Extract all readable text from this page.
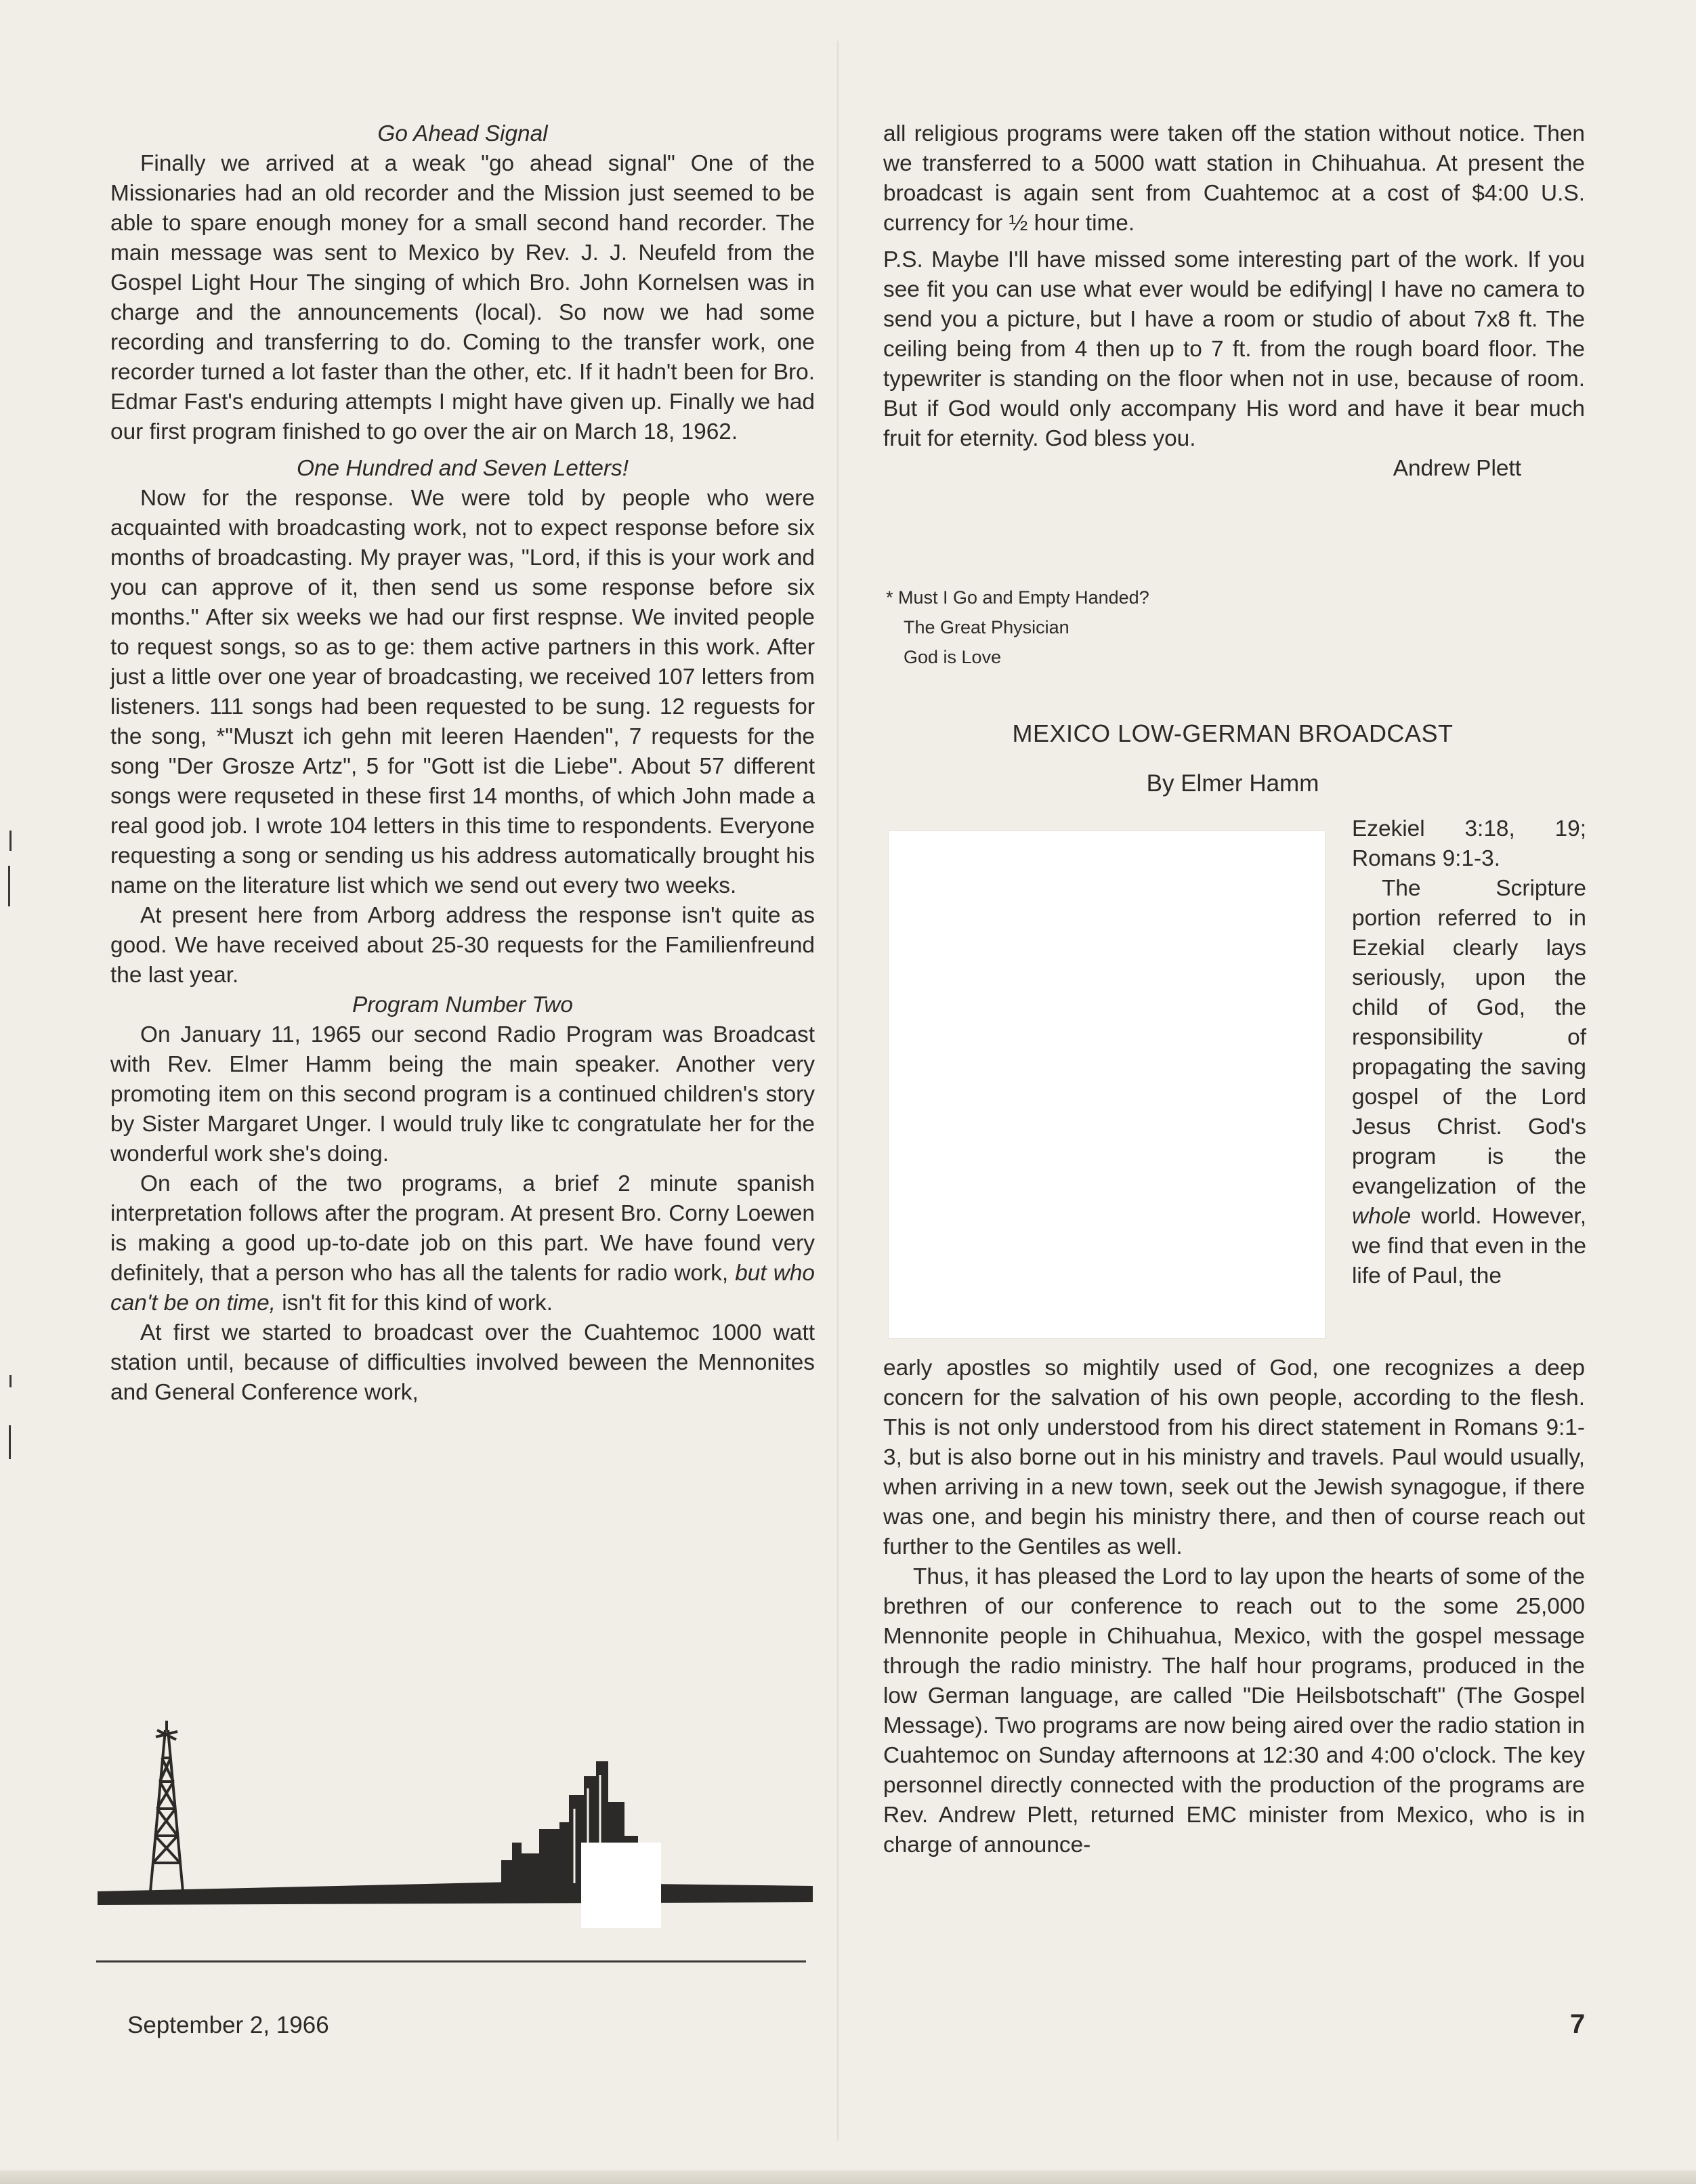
Go Ahead Signal

Finally we arrived at a weak "go ahead signal" One of the Missionaries had an old recorder and the Mission just seemed to be able to spare enough money for a small second hand recorder. The main message was sent to Mexico by Rev. J. J. Neufeld from the Gospel Light Hour The singing of which Bro. John Kornelsen was in charge and the announcements (local). So now we had some recording and transferring to do. Coming to the transfer work, one recorder turned a lot faster than the other, etc. If it hadn't been for Bro. Edmar Fast's enduring attempts I might have given up. Finally we had our first program finished to go over the air on March 18, 1962.

One Hundred and Seven Letters!

Now for the response. We were told by people who were acquainted with broadcasting work, not to expect response before six months of broadcasting. My prayer was, "Lord, if this is your work and you can approve of it, then send us some response before six months." After six weeks we had our first respnse. We invited people to request songs, so as to ge: them active partners in this work. After just a little over one year of broadcasting, we received 107 letters from listeners. 111 songs had been requested to be sung. 12 reguests for the song, *"Muszt ich gehn mit leeren Haenden", 7 requests for the song "Der Grosze Artz", 5 for "Gott ist die Liebe". About 57 different songs were requseted in these first 14 months, of which John made a real good job. I wrote 104 letters in this time to respondents. Everyone requesting a song or sending us his address automatically brought his name on the literature list which we send out every two weeks.

At present here from Arborg address the response isn't quite as good. We have received about 25-30 requests for the Familienfreund the last year.

Program Number Two

On January 11, 1965 our second Radio Program was Broadcast with Rev. Elmer Hamm being the main speaker. Another very promoting item on this second program is a continued children's story by Sister Margaret Unger. I would truly like tc congratulate her for the wonderful work she's doing.

On each of the two programs, a brief 2 minute spanish interpretation follows after the program. At present Bro. Corny Loewen is making a good up-to-date job on this part. We have found very definitely, that a person who has all the talents for radio work, but who can't be on time, isn't fit for this kind of work.

At first we started to broadcast over the Cuahtemoc 1000 watt station until, because of difficulties involved beween the Mennonites and General Conference work,

all religious programs were taken off the station without notice. Then we transferred to a 5000 watt station in Chihuahua. At present the broadcast is again sent from Cuahtemoc at a cost of $4:00 U.S. currency for ½ hour time.

P.S. Maybe I'll have missed some interesting part of the work. If you see fit you can use what ever would be edifying| I have no camera to send you a picture, but I have a room or studio of about 7x8 ft. The ceiling being from 4 then up to 7 ft. from the rough board floor. The typewriter is standing on the floor when not in use, because of room. But if God would only accompany His word and have it bear much fruit for eternity. God bless you.

Andrew Plett

* Must I Go and Empty Handed?
The Great Physician
God is Love
MEXICO LOW-GERMAN BROADCAST
By Elmer Hamm

Ezekiel 3:18, 19; Romans 9:1-3.

The Scripture portion referred to in Ezekial clearly lays seriously, upon the child of God, the responsibility of propagating the saving gospel of the Lord Jesus Christ. God's program is the evangelization of the whole world. However, we find that even in the life of Paul, the

early apostles so mightily used of God, one recognizes a deep concern for the salvation of his own people, according to the flesh. This is not only understood from his direct statement in Romans 9:1-3, but is also borne out in his ministry and travels. Paul would usually, when arriving in a new town, seek out the Jewish synagogue, if there was one, and begin his ministry there, and then of course reach out further to the Gentiles as well.

Thus, it has pleased the Lord to lay upon the hearts of some of the brethren of our conference to reach out to the some 25,000 Mennonite people in Chihuahua, Mexico, with the gospel message through the radio ministry. The half hour programs, produced in the low German language, are called "Die Heilsbotschaft" (The Gospel Message). Two programs are now being aired over the radio station in Cuahtemoc on Sunday afternoons at 12:30 and 4:00 o'clock. The key personnel directly connected with the production of the programs are Rev. Andrew Plett, returned EMC minister from Mexico, who is in charge of announce-

September 2, 1966	7
